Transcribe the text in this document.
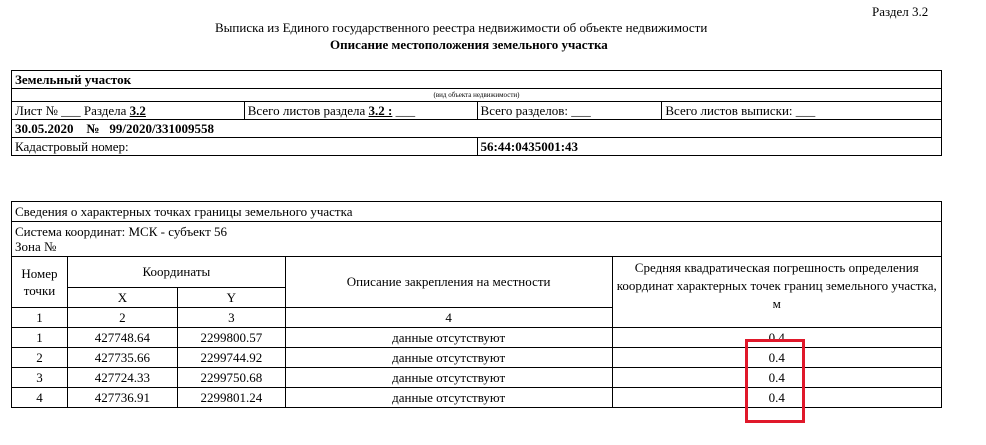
Раздел 3.2
Выписка из Единого государственного реестра недвижимости об объекте недвижимости
Описание местоположения земельного участка
Земельный участок			
(вид объекта недвижимости)			
Лист № ___ Раздела 3.2	Всего листов раздела 3.2 : ___	Всего разделов: ___	Всего листов выписки: ___
30.05.2020 № 99/2020/331009558			
Кадастровый номер:		56:44:0435001:43	
Сведения о характерных точках границы земельного участка				

Система координат: МСК - субъект 56
Зона №				

Номер точки	Координаты		Описание закрепления на местности	Средняя квадратическая погрешность определения координат характерных точек границ земельного участка, м
	X	Y		
1	2	3	4	

1	427748.64	2299800.57	данные отсутствуют	0.4
2	427735.66	2299744.92	данные отсутствуют	0.4
3	427724.33	2299750.68	данные отсутствуют	0.4
4	427736.91	2299801.24	данные отсутствуют	0.4
